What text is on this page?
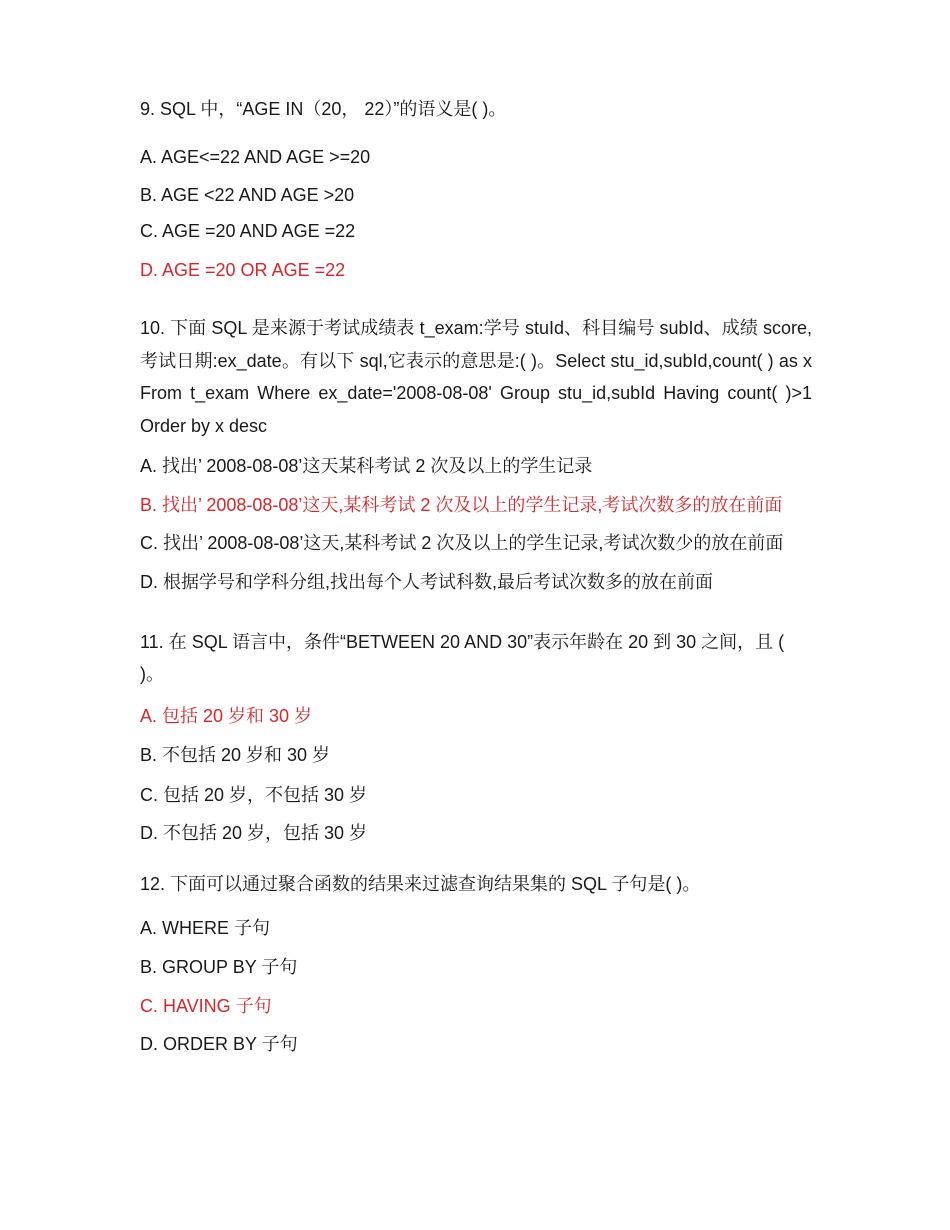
9. SQL 中，“AGE IN（20， 22）”的语义是( )。
A. AGE<=22 AND AGE >=20
B. AGE <22 AND AGE >20
C. AGE =20 AND AGE =22
D. AGE =20 OR AGE =22
10. 下面 SQL 是来源于考试成绩表 t_exam:学号 stuId、科目编号 subId、成绩 score,考试日期:ex_date。有以下 sql,它表示的意思是:( )。Select stu_id,subId,count( ) as x From t_exam Where ex_date='2008-08-08' Group stu_id,subId Having count( )>1 Order by x desc
A. 找出’ 2008-08-08’这天某科考试 2 次及以上的学生记录
B. 找出’ 2008-08-08’这天,某科考试 2 次及以上的学生记录,考试次数多的放在前面
C. 找出’ 2008-08-08’这天,某科考试 2 次及以上的学生记录,考试次数少的放在前面
D. 根据学号和学科分组,找出每个人考试科数,最后考试次数多的放在前面
11. 在 SQL 语言中，条件“BETWEEN 20 AND 30”表示年龄在 20 到 30 之间，且 ( )。
A. 包括 20 岁和 30 岁
B. 不包括 20 岁和 30 岁
C. 包括 20 岁，不包括 30 岁
D. 不包括 20 岁，包括 30 岁
12. 下面可以通过聚合函数的结果来过滤查询结果集的 SQL 子句是( )。
A. WHERE 子句
B. GROUP BY 子句
C. HAVING 子句
D. ORDER BY 子句
